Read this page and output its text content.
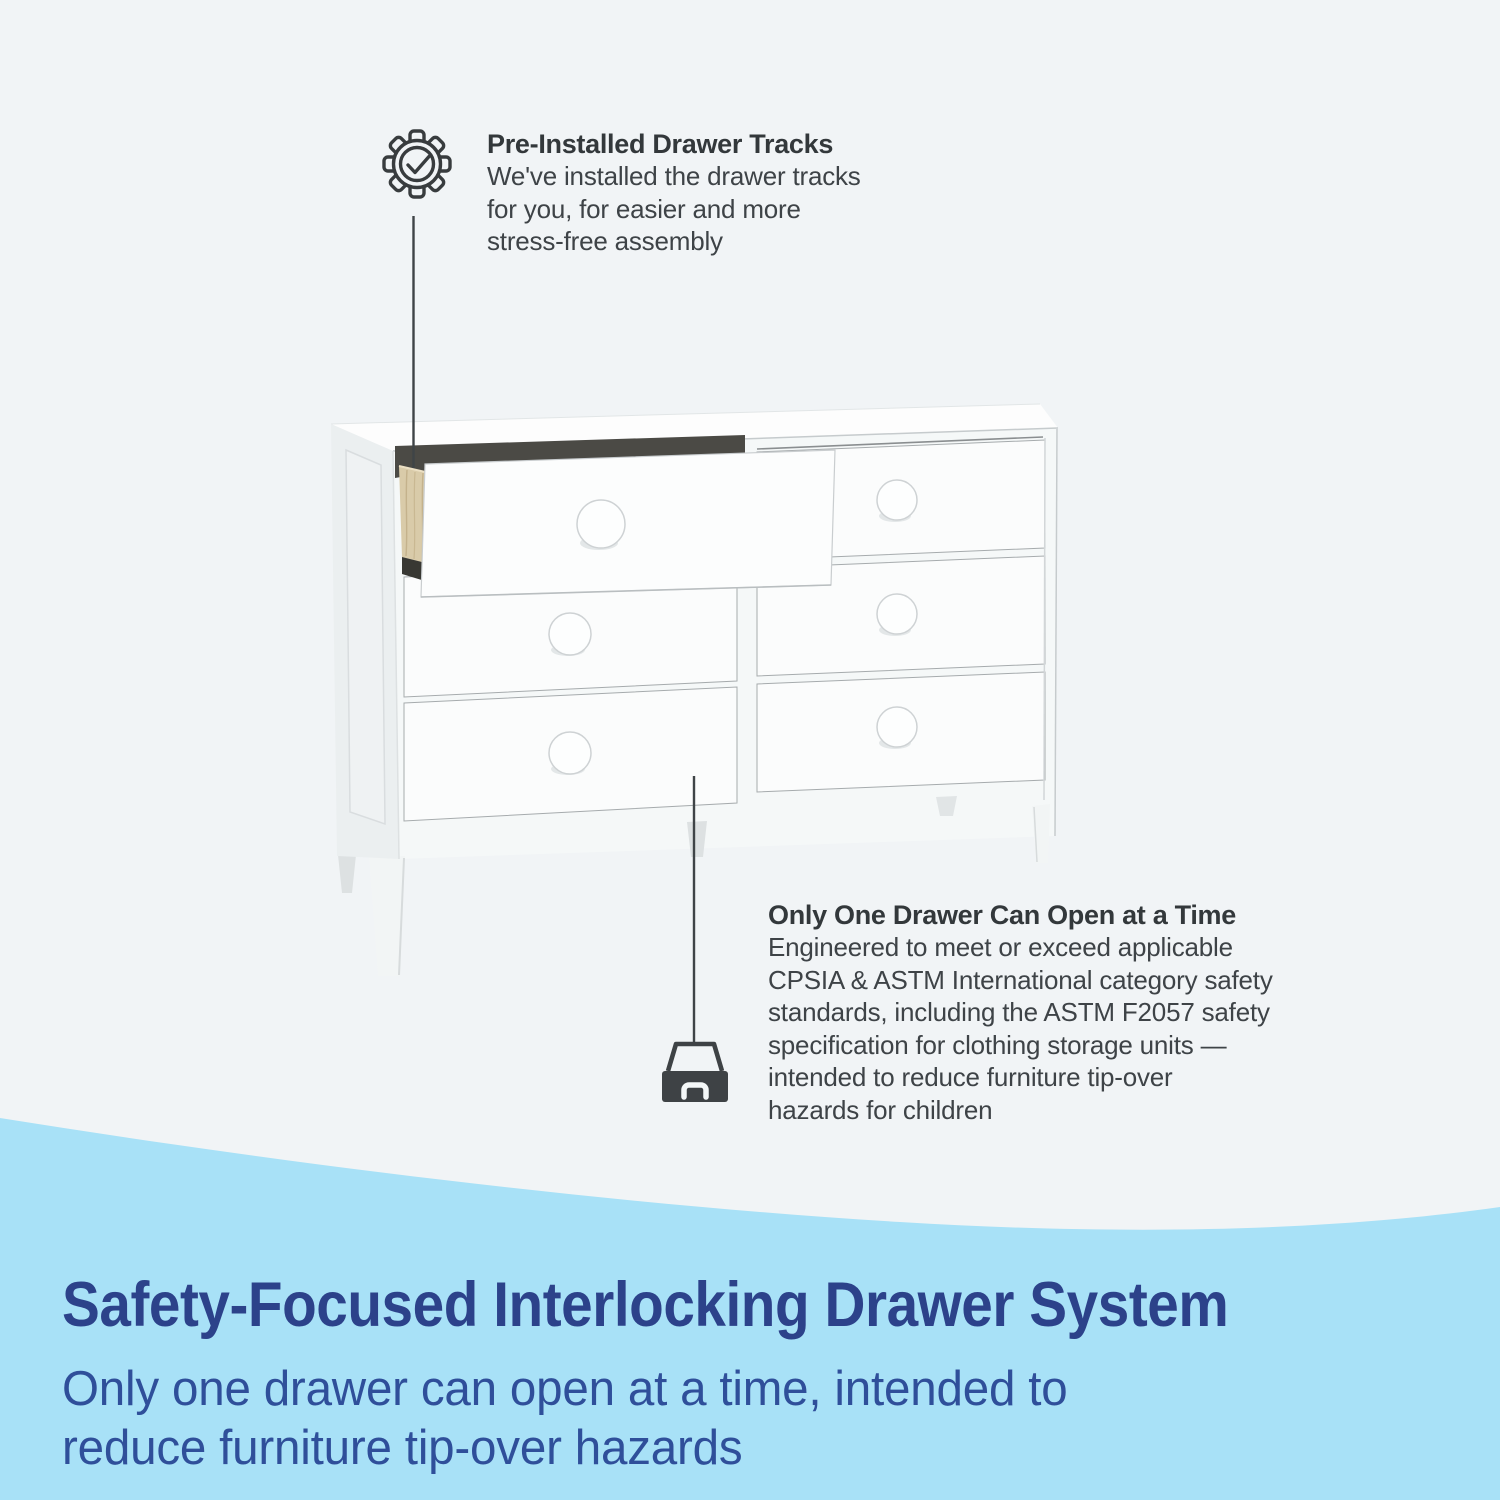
Pre-Installed Drawer Tracks
We've installed the drawer tracks
for you, for easier and more
stress-free assembly
Only One Drawer Can Open at a Time
Engineered to meet or exceed applicable
CPSIA & ASTM International category safety
standards, including the ASTM F2057 safety
specification for clothing storage units —
intended to reduce furniture tip-over
hazards for children
Safety-Focused Interlocking Drawer System
Only one drawer can open at a time, intended to
reduce furniture tip-over hazards
